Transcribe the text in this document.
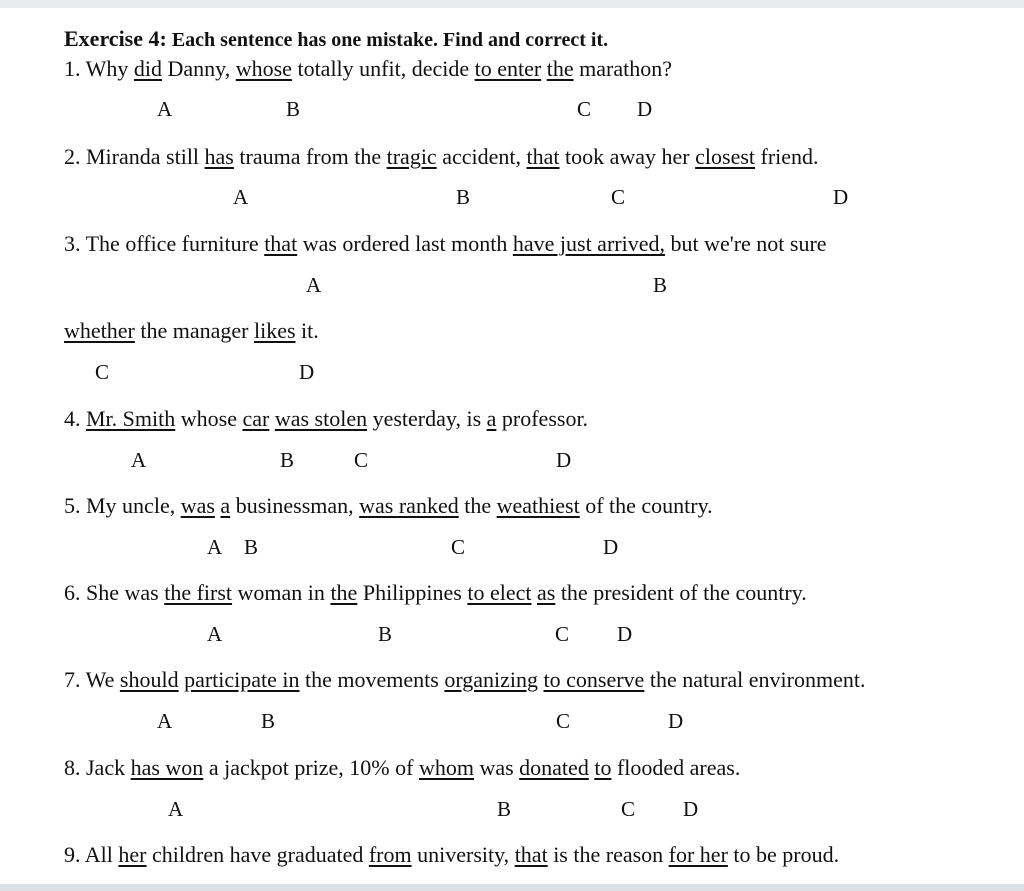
Exercise 4: Each sentence has one mistake. Find and correct it.
1. Why did Danny, whose totally unfit, decide to enter the marathon?
A	B	C D
2. Miranda still has trauma from the tragic accident, that took away her closest friend.
A	B	C	D
3. The office furniture that was ordered last month have just arrived, but we're not sure
whether the manager likes it.
A	B
C	D
4. Mr. Smith whose car was stolen yesterday, is a professor.
A	B	C	D
5. My uncle, was a businessman, was ranked the weathiest of the country.
A B	C	D
6. She was the first woman in the Philippines to elect as the president of the country.
A	B	C D
7. We should participate in the movements organizing to conserve the natural environment.
A	B	C	D
8. Jack has won a jackpot prize, 10% of whom was donated to flooded areas.
A	B	C D
9. All her children have graduated from university, that is the reason for her to be proud.
